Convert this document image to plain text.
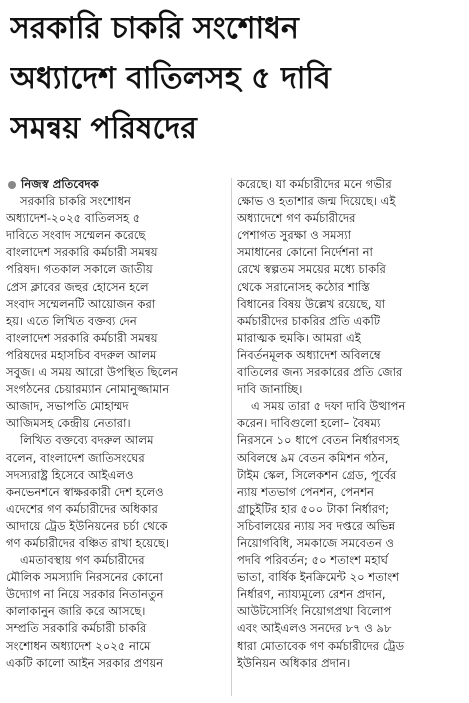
সরকারি চাকরি সংশোধন
অধ্যাদেশ বাতিলসহ ৫ দাবি
সমন্বয় পরিষদের
নিজস্ব প্রতিবেদক
সরকারি চাকরি সংশোধন
অধ্যাদেশ-২০২৫ বাতিলসহ ৫
দাবিতে সংবাদ সম্মেলন করেছে
বাংলাদেশ সরকারি কর্মচারী সমন্বয়
পরিষদ। গতকাল সকালে জাতীয়
প্রেস ক্লাবের জহুর হোসেন হলে
সংবাদ সম্মেলনটি আয়োজন করা
হয়। এতে লিখিত বক্তব্য দেন
বাংলাদেশ সরকারি কর্মচারী সমন্বয়
পরিষদের মহাসচিব বদরুল আলম
সবুজ। এ সময় আরো উপস্থিত ছিলেন
সংগঠনের চেয়ারম্যান নোমানুজ্জামান
আজাদ, সভাপতি মোহাম্মদ
আজিমসহ কেন্দ্রীয় নেতারা।
লিখিত বক্তব্যে বদরুল আলম
বলেন, বাংলাদেশ জাতিসংঘের
সদস্যরাষ্ট্র হিসেবে আইএলও
কনভেনশনে স্বাক্ষরকারী দেশ হলেও
এদেশের গণ কর্মচারীদের অধিকার
আদায়ে ট্রেড ইউনিয়নের চর্চা থেকে
গণ কর্মচারীদের বঞ্চিত রাখা হয়েছে।
এমতাবস্থায় গণ কর্মচারীদের
মৌলিক সমস্যাদি নিরসনের কোনো
উদ্যোগ না নিয়ে সরকার নিতানতুন
কালাকানুন জারি করে আসছে।
সম্প্রতি সরকারি কর্মচারী চাকরি
সংশোধন অধ্যাদেশ ২০২৫ নামে
একটি কালো আইন সরকার প্রণয়ন
করেছে। যা কর্মচারীদের মনে গভীর
ক্ষোভ ও হতাশার জন্ম দিয়েছে। এই
অধ্যাদেশে গণ কর্মচারীদের
পেশাগত সুরক্ষা ও সমস্যা
সমাধানের কোনো নির্দেশনা না
রেখে স্বল্পতম সময়ের মধ্যে চাকরি
থেকে সরানোসহ কঠোর শাস্তি
বিধানের বিষয় উল্লেখ রয়েছে, যা
কর্মচারীদের চাকরির প্রতি একটি
মারাত্মক হুমকি। আমরা এই
নিবর্তনমূলক অধ্যাদেশ অবিলম্বে
বাতিলের জন্য সরকারের প্রতি জোর
দাবি জানাচ্ছি।
এ সময় তারা ৫ দফা দাবি উত্থাপন
করেন। দাবিগুলো হলো– বৈষম্য
নিরসনে ১০ ধাপে বেতন নির্ধারণসহ
অবিলম্বে ৯ম বেতন কমিশন গঠন,
টাইম স্কেল, সিলেকশন গ্রেড, পূর্বের
ন্যায় শতভাগ পেনশন, পেনশন
গ্রাচুইটির হার ৫০০ টাকা নির্ধারণ;
সচিবালয়ের ন্যায় সব দপ্তরে অভিন্ন
নিয়োগবিধি, সমকাজে সমবেতন ও
পদবি পরিবর্তন; ৫০ শতাংশ মহার্ঘ
ভাতা, বার্ষিক ইনক্রিমেন্ট ২০ শতাংশ
নির্ধারণ, ন্যায্যমূল্যে রেশন প্রদান,
আউটসোর্সিং নিয়োগপ্রথা বিলোপ
এবং আইএলও সনদের ৮৭ ও ৯৮
ধারা মোতাবেক গণ কর্মচারীদের ট্রেড
ইউনিয়ন অধিকার প্রদান।
